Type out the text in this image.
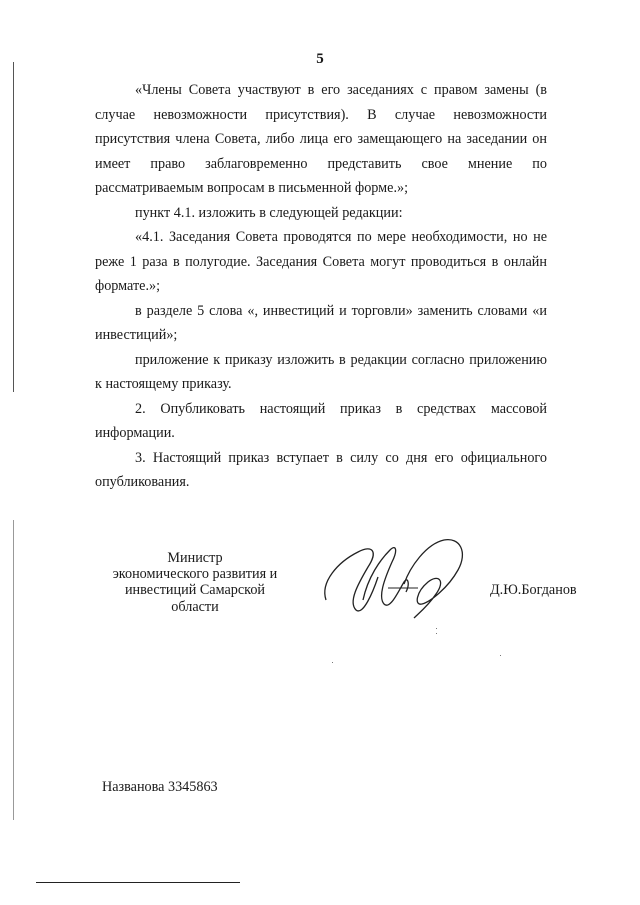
5

«Члены Совета участвуют в его заседаниях с правом замены (в случае невозможности присутствия). В случае невозможности присутствия члена Совета, либо лица его замещающего на заседании он имеет право заблаговременно представить свое мнение по рассматриваемым вопросам в письменной форме.»;

пункт 4.1. изложить в следующей редакции:

«4.1. Заседания Совета проводятся по мере необходимости, но не реже 1 раза в полугодие. Заседания Совета могут проводиться в онлайн формате.»;

в разделе 5 слова «, инвестиций и торговли» заменить словами «и инвестиций»;

приложение к приказу изложить в редакции согласно приложению к настоящему приказу.

2. Опубликовать настоящий приказ в средствах массовой информации.

3. Настоящий приказ вступает в силу со дня его официального опубликования.

Министр
экономического развития и
инвестиций Самарской области
Д.Ю.Богданов
Названова 3345863
